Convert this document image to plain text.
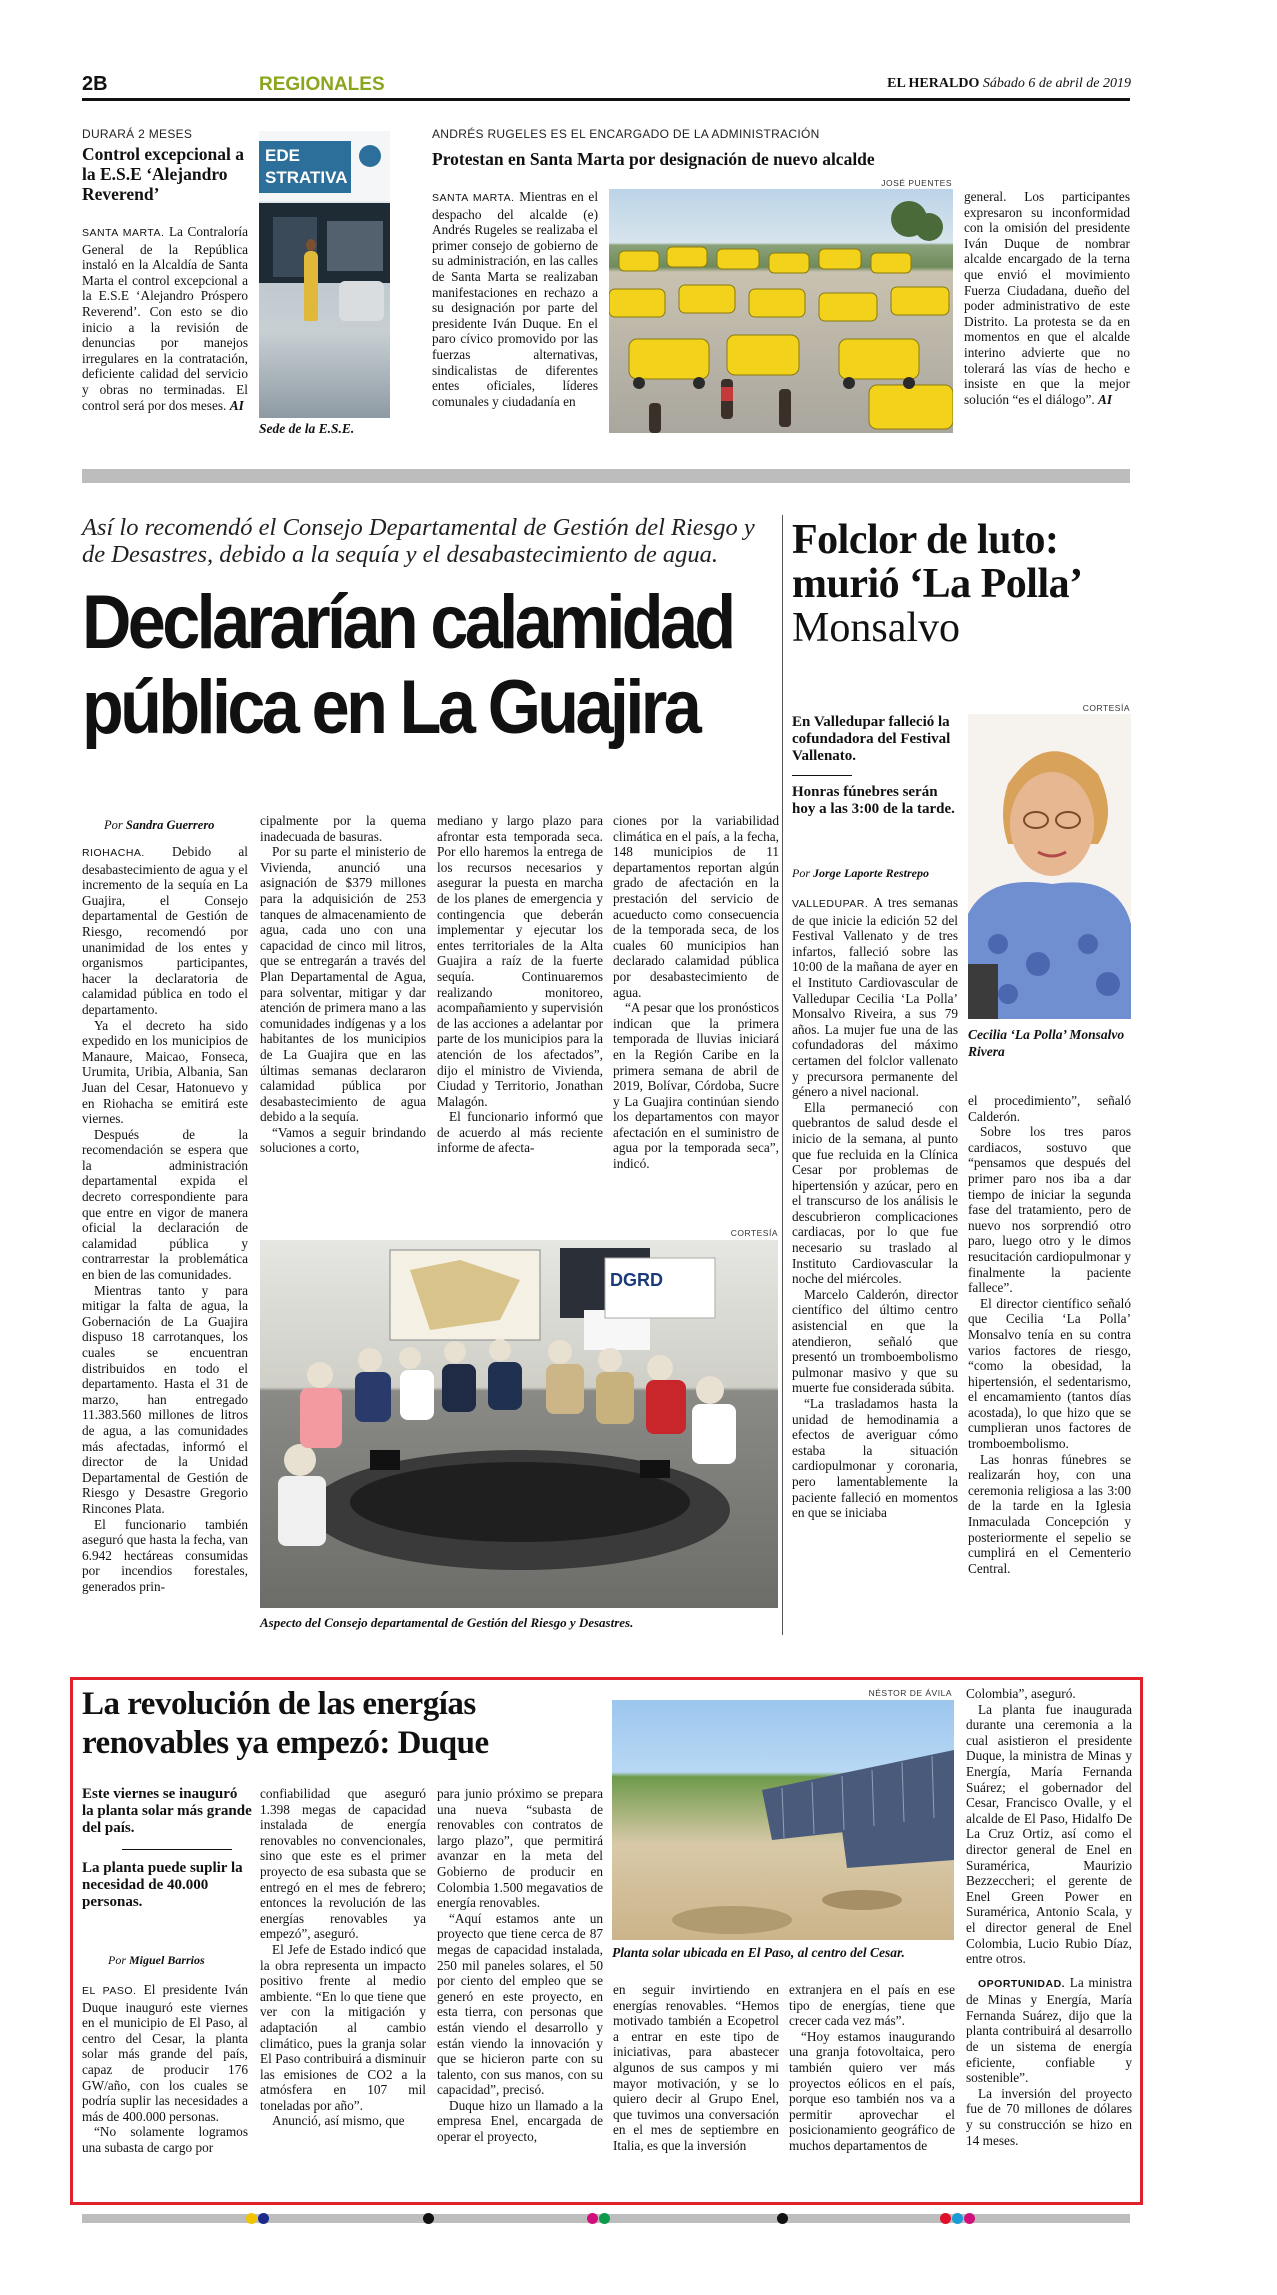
2B	REGIONALES	EL HERALDO Sábado 6 de abril de 2019
DURARÁ 2 MESES
Control excepcional a la E.S.E ‘Alejandro Reverend’

SANTA MARTA. La Contraloría General de la República instaló en la Alcaldía de Santa Marta el control excepcional a la E.S.E ‘Alejandro Próspero Reverend’. Con esto se dio inicio a la revisión de denuncias por manejos irregulares en la contratación, deficiente calidad del servicio y obras no terminadas. El control será por dos meses. AI

EDE
STRATIVA
Sede de la E.S.E.
ANDRÉS RUGELES ES EL ENCARGADO DE LA ADMINISTRACIÓN
Protestan en Santa Marta por designación de nuevo alcalde
JOSÉ PUENTES

SANTA MARTA. Mientras en el despacho del alcalde (e) Andrés Rugeles se realizaba el primer consejo de gobierno de su administración, en las calles de Santa Marta se realizaban manifestaciones en rechazo a su designación por parte del presidente Iván Duque. En el paro cívico promovido por las fuerzas alternativas, sindicalistas de diferentes entes oficiales, líderes comunales y ciudadanía en

general. Los participantes expresaron su inconformidad con la omisión del presidente Iván Duque de nombrar alcalde encargado de la terna que envió el movimiento Fuerza Ciudadana, dueño del poder administrativo de este Distrito. La protesta se da en momentos en que el alcalde interino advierte que no tolerará las vías de hecho e insiste en que la mejor solución “es el diálogo”. AI

Así lo recomendó el Consejo Departamental de Gestión del Riesgo y de Desastres, debido a la sequía y el desabastecimiento de agua.
Declararían calamidad pública en La Guajira
Por Sandra Guerrero

RIOHACHA. Debido al desabastecimiento de agua y el incremento de la sequía en La Guajira, el Consejo departamental de Gestión de Riesgo, recomendó por unanimidad de los entes y organismos participantes, hacer la declaratoria de calamidad pública en todo el departamento.

Ya el decreto ha sido expedido en los municipios de Manaure, Maicao, Fonseca, Urumita, Uribia, Albania, San Juan del Cesar, Hatonuevo y en Riohacha se emitirá este viernes.

Después de la recomendación se espera que la administración departamental expida el decreto correspondiente para que entre en vigor de manera oficial la declaración de calamidad pública y contrarrestar la problemática en bien de las comunidades.

Mientras tanto y para mitigar la falta de agua, la Gobernación de La Guajira dispuso 18 carrotanques, los cuales se encuentran distribuidos en todo el departamento. Hasta el 31 de marzo, han entregado 11.383.560 millones de litros de agua, a las comunidades más afectadas, informó el director de la Unidad Departamental de Gestión de Riesgo y Desastre Gregorio Rincones Plata.

El funcionario también aseguró que hasta la fecha, van 6.942 hectáreas consumidas por incendios forestales, generados prin-

cipalmente por la quema inadecuada de basuras.

Por su parte el ministerio de Vivienda, anunció una asignación de $379 millones para la adquisición de 253 tanques de almacenamiento de agua, cada uno con una capacidad de cinco mil litros, que se entregarán a través del Plan Departamental de Agua, para solventar, mitigar y dar atención de primera mano a las comunidades indígenas y a los habitantes de los municipios de La Guajira que en las últimas semanas declararon calamidad pública por desabastecimiento de agua debido a la sequía.

“Vamos a seguir brindando soluciones a corto,

mediano y largo plazo para afrontar esta temporada seca. Por ello haremos la entrega de los recursos necesarios y asegurar la puesta en marcha de los planes de emergencia y contingencia que deberán implementar y ejecutar los entes territoriales de la Alta Guajira a raíz de la fuerte sequía. Continuaremos realizando monitoreo, acompañamiento y supervisión de las acciones a adelantar por parte de los municipios para la atención de los afectados”, dijo el ministro de Vivienda, Ciudad y Territorio, Jonathan Malagón.

El funcionario informó que de acuerdo al más reciente informe de afecta-

ciones por la variabilidad climática en el país, a la fecha, 148 municipios de 11 departamentos reportan algún grado de afectación en la prestación del servicio de acueducto como consecuencia de la temporada seca, de los cuales 60 municipios han declarado calamidad pública por desabastecimiento de agua.

“A pesar que los pronósticos indican que la primera temporada de lluvias iniciará en la Región Caribe en la primera semana de abril de 2019, Bolívar, Córdoba, Sucre y La Guajira continúan siendo los departamentos con mayor afectación en el suministro de agua por la temporada seca”, indicó.

CORTESÍA
DGRD
Aspecto del Consejo departamental de Gestión del Riesgo y Desastres.
Folclor de luto:
murió ‘La Polla’
Monsalvo
CORTESÍA
En Valledupar falleció la cofundadora del Festival Vallenato.
Honras fúnebres serán hoy a las 3:00 de la tarde.
Por Jorge Laporte Restrepo
Cecilia ‘La Polla’ Monsalvo Rivera

VALLEDUPAR. A tres semanas de que inicie la edición 52 del Festival Vallenato y de tres infartos, falleció sobre las 10:00 de la mañana de ayer en el Instituto Cardiovascular de Valledupar Cecilia ‘La Polla’ Monsalvo Riveira, a sus 79 años. La mujer fue una de las cofundadoras del máximo certamen del folclor vallenato y precursora permanente del género a nivel nacional.

Ella permaneció con quebrantos de salud desde el inicio de la semana, al punto que fue recluida en la Clínica Cesar por problemas de hipertensión y azúcar, pero en el transcurso de los análisis le descubrieron complicaciones cardiacas, por lo que fue necesario su traslado al Instituto Cardiovascular la noche del miércoles.

Marcelo Calderón, director científico del último centro asistencial en que la atendieron, señaló que presentó un tromboembolismo pulmonar masivo y que su muerte fue considerada súbita.

“La trasladamos hasta la unidad de hemodinamia a efectos de averiguar cómo estaba la situación cardiopulmonar y coronaria, pero lamentablemente la paciente falleció en momentos en que se iniciaba

el procedimiento”, señaló Calderón.

Sobre los tres paros cardiacos, sostuvo que “pensamos que después del primer paro nos iba a dar tiempo de iniciar la segunda fase del tratamiento, pero de nuevo nos sorprendió otro paro, luego otro y le dimos resucitación cardiopulmonar y finalmente la paciente fallece”.

El director científico señaló que Cecilia ‘La Polla’ Monsalvo tenía en su contra varios factores de riesgo, “como la obesidad, la hipertensión, el sedentarismo, el encamamiento (tantos días acostada), lo que hizo que se cumplieran unos factores de tromboembolismo.

Las honras fúnebres se realizarán hoy, con una ceremonia religiosa a las 3:00 de la tarde en la Iglesia Inmaculada Concepción y posteriormente el sepelio se cumplirá en el Cementerio Central.

La revolución de las energías renovables ya empezó: Duque
NÉSTOR DE ÁVILA
Planta solar ubicada en El Paso, al centro del Cesar.
Este viernes se inauguró la planta solar más grande del país.
La planta puede suplir la necesidad de 40.000 personas.
Por Miguel Barrios

EL PASO. El presidente Iván Duque inauguró este viernes en el municipio de El Paso, al centro del Cesar, la planta solar más grande del país, capaz de producir 176 GW/año, con los cuales se podría suplir las necesidades a más de 400.000 personas.

“No solamente logramos una subasta de cargo por

confiabilidad que aseguró 1.398 megas de capacidad instalada de energía renovables no convencionales, sino que este es el primer proyecto de esa subasta que se entregó en el mes de febrero; entonces la revolución de las energías renovables ya empezó”, aseguró.

El Jefe de Estado indicó que la obra representa un impacto positivo frente al medio ambiente. “En lo que tiene que ver con la mitigación y adaptación al cambio climático, pues la granja solar El Paso contribuirá a disminuir las emisiones de CO2 a la atmósfera en 107 mil toneladas por año”.

Anunció, así mismo, que

para junio próximo se prepara una nueva “subasta de renovables con contratos de largo plazo”, que permitirá avanzar en la meta del Gobierno de producir en Colombia 1.500 megavatios de energía renovables.

“Aquí estamos ante un proyecto que tiene cerca de 87 megas de capacidad instalada, 250 mil paneles solares, el 50 por ciento del empleo que se generó en este proyecto, en esta tierra, con personas que están viendo el desarrollo y están viendo la innovación y que se hicieron parte con su talento, con sus manos, con su capacidad”, precisó.

Duque hizo un llamado a la empresa Enel, encargada de operar el proyecto,

en seguir invirtiendo en energías renovables. “Hemos motivado también a Ecopetrol a entrar en este tipo de iniciativas, para abastecer algunos de sus campos y mi mayor motivación, y se lo quiero decir al Grupo Enel, que tuvimos una conversación en el mes de septiembre en Italia, es que la inversión

extranjera en el país en ese tipo de energías, tiene que crecer cada vez más”.

“Hoy estamos inaugurando una granja fotovoltaica, pero también quiero ver más proyectos eólicos en el país, porque eso también nos va a permitir aprovechar el posicionamiento geográfico de muchos departamentos de

Colombia”, aseguró.

La planta fue inaugurada durante una ceremonia a la cual asistieron el presidente Duque, la ministra de Minas y Energía, María Fernanda Suárez; el gobernador del Cesar, Francisco Ovalle, y el alcalde de El Paso, Hidalfo De La Cruz Ortiz, así como el director general de Enel en Suramérica, Maurizio Bezzeccheri; el gerente de Enel Green Power en Suramérica, Antonio Scala, y el director general de Enel Colombia, Lucio Rubio Díaz, entre otros.

OPORTUNIDAD. La ministra de Minas y Energía, María Fernanda Suárez, dijo que la planta contribuirá al desarrollo de un sistema de energía eficiente, confiable y sostenible”.

La inversión del proyecto fue de 70 millones de dólares y su construcción se hizo en 14 meses.
